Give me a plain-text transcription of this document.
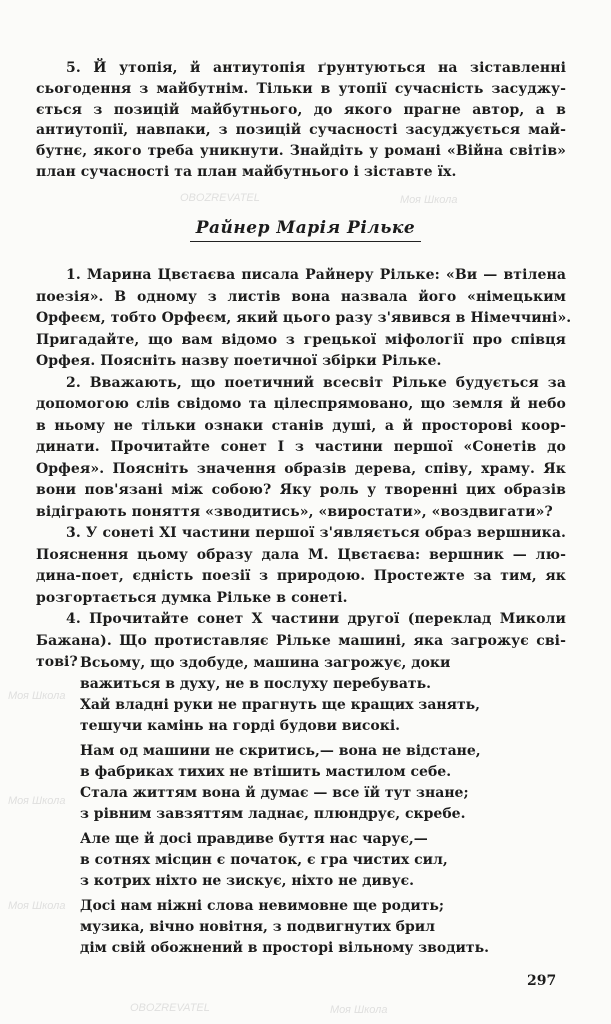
Райнер Марія Рільке
297
OBOZREVATEL	Моя Школа
Моя Школа
Моя Школа
Моя Школа
OBOZREVATEL	Моя Школа
5. Й утопія, й антиутопія ґрунтуються на зіставленні
сьогодення з майбутнім. Тільки в утопії сучасність засуджу-
ється з позицій майбутнього, до якого прагне автор, а в
антиутопії, навпаки, з позицій сучасності засуджується май-
бутнє, якого треба уникнути. Знайдіть у романі «Війна світів»
план сучасності та план майбутнього і зіставте їх.
1. Марина Цвєтаєва писала Райнеру Рільке: «Ви — втілена
поезія». В одному з листів вона назвала його «німецьким
Орфеєм, тобто Орфеєм, який цього разу з'явився в Німеччині».
Пригадайте, що вам відомо з грецької міфології про співця
Орфея. Поясніть назву поетичної збірки Рільке.
2. Вважають, що поетичний всесвіт Рільке будується за
допомогою слів свідомо та цілеспрямовано, що земля й небо
в ньому не тільки ознаки станів душі, а й просторові коор-
динати. Прочитайте сонет І з частини першої «Сонетів до
Орфея». Поясніть значення образів дерева, співу, храму. Як
вони пов'язані між собою? Яку роль у творенні цих образів
відіграють поняття «зводитись», «виростати», «воздвигати»?
3. У сонеті XI частини першої з'являється образ вершника.
Пояснення цьому образу дала М. Цвєтаєва: вершник — лю-
дина-поет, єдність поезії з природою. Простежте за тим, як
розгортається думка Рільке в сонеті.
4. Прочитайте сонет X частини другої (переклад Миколи
Бажана). Що протиставляє Рільке машині, яка загрожує сві-
тові? Всьому, що здобуде, машина загрожує, доки
важиться в духу, не в послуху перебувать.
Хай владні руки не прагнуть ще кращих занять,
тешучи камінь на горді будови високі.
Нам од машини не скритись,— вона не відстане,
в фабриках тихих не втішить мастилом себе.
Стала життям вона й думає — все їй тут знане;
з рівним завзяттям ладнає, плюндрує, скребе.
Але ще й досі правдиве буття нас чарує,—
в сотнях місцин є початок, є гра чистих сил,
з котрих ніхто не зискує, ніхто не дивує.
Досі нам ніжні слова невимовне ще родить;
музика, вічно новітня, з подвигнутих брил
дім свій обожнений в просторі вільному зводить.
